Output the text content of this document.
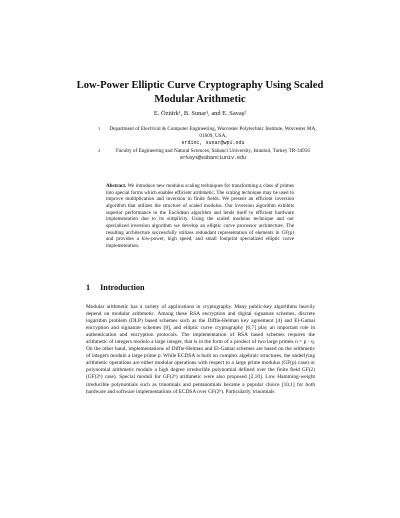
Low-Power Elliptic Curve Cryptography Using Scaled Modular Arithmetic
E. Öztürk¹, B. Sunar¹, and E. Savaş²
1 Department of Electrical & Computer Engineering, Worcester Polytechnic Institute, Worcester MA, 01609, USA,
erdinc, sunar@wpi.edu
2	Faculty of Engineering and Natural Sciences, Sabanci University, Istanbul, Turkey TR-34956
erkays@sabanciuniv.edu
Abstract. We introduce new modulus scaling techniques for transforming a class of primes into special forms which enables efficient arithmetic. The scaling technique may be used to improve multiplication and inversion in finite fields. We present an efficient inversion algorithm that utilizes the structure of scaled modulus. Our inversion algorithm exhibits superior performance to the Euclidean algorithm and lends itself to efficient hardware implementation due to its simplicity. Using the scaled modulus technique and our specialized inversion algorithm we develop an elliptic curve processor architecture. The resulting architecture successfully utilizes redundant representation of elements in GF(p) and provides a low-power, high speed, and small footprint specialized elliptic curve implementation.
1 Introduction
Modular arithmetic has a variety of applications in cryptography. Many public-key algorithms heavily depend on modular arithmetic. Among these RSA encryption and digital signature schemes, discrete logarithm problem (DLP) based schemes such as the Diffie-Helman key agreement [4] and El-Gamal encryption and signature schemes [8], and elliptic curve cryptography [6,7] play an important role in authentication and encryption protocols. The implementation of RSA based schemes requires the arithmetic of integers modulo a large integer, that is in the form of a product of two large primes n = p · q. On the other hand, implementations of Diffie-Helman and El-Gamal schemes are based on the arithmetic of integers modulo a large prime p. While ECDSA is built on complex algebraic structures, the underlying arithmetic operations are either modular operations with respect to a large prime modulus (GF(p) case) or polynomial arithmetic modulo a high degree irreducible polynomial defined over the finite field GF(2) (GF(2ᵏ) case). Special moduli for GF(2ᵏ) arithmetic were also proposed [2,10]. Low Hamming-weight irreducible polynomials such as trinomials and pentanomials became a popular choice [10,1] for both hardware and software implementations of ECDSA over GF(2ᵏ). Particularly, trinomials
